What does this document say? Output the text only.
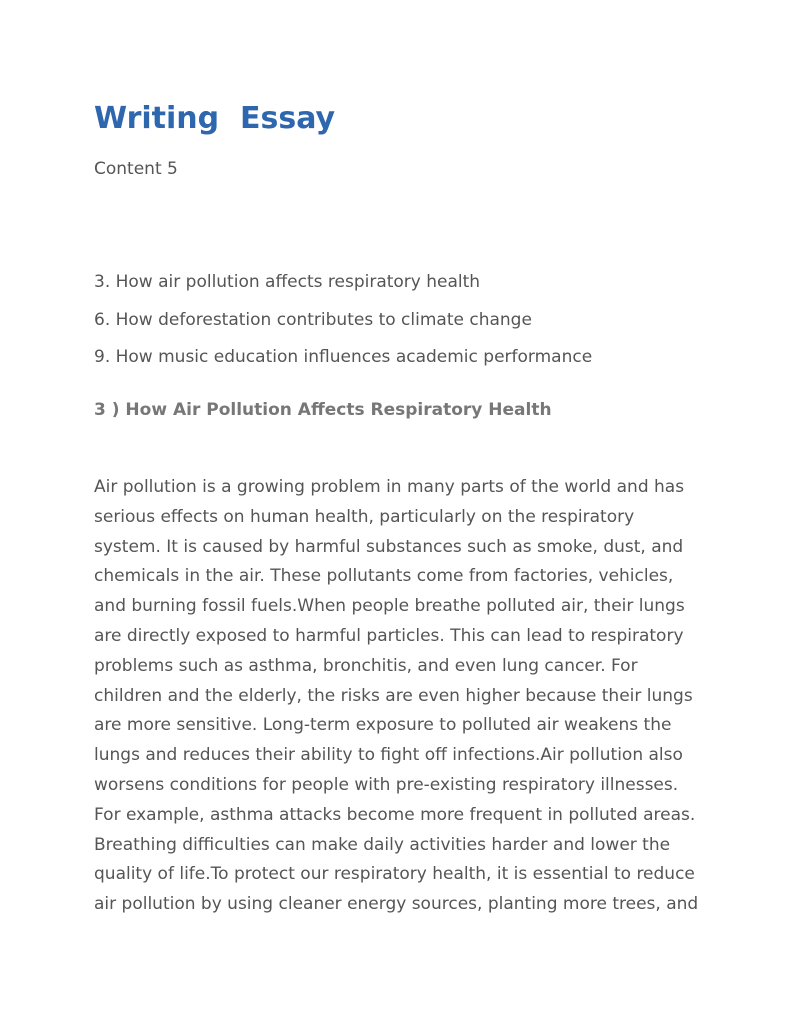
Writing  Essay

Content 5

3. How air pollution affects respiratory health
6. How deforestation contributes to climate change
9. How music education influences academic performance
3 ) How Air Pollution Affects Respiratory Health
Air pollution is a growing problem in many parts of the world and has
serious effects on human health, particularly on the respiratory
system. It is caused by harmful substances such as smoke, dust, and
chemicals in the air. These pollutants come from factories, vehicles,
and burning fossil fuels.When people breathe polluted air, their lungs
are directly exposed to harmful particles. This can lead to respiratory
problems such as asthma, bronchitis, and even lung cancer. For
children and the elderly, the risks are even higher because their lungs
are more sensitive. Long-term exposure to polluted air weakens the
lungs and reduces their ability to fight off infections.Air pollution also
worsens conditions for people with pre-existing respiratory illnesses.
For example, asthma attacks become more frequent in polluted areas.
Breathing difficulties can make daily activities harder and lower the
quality of life.To protect our respiratory health, it is essential to reduce
air pollution by using cleaner energy sources, planting more trees, and
